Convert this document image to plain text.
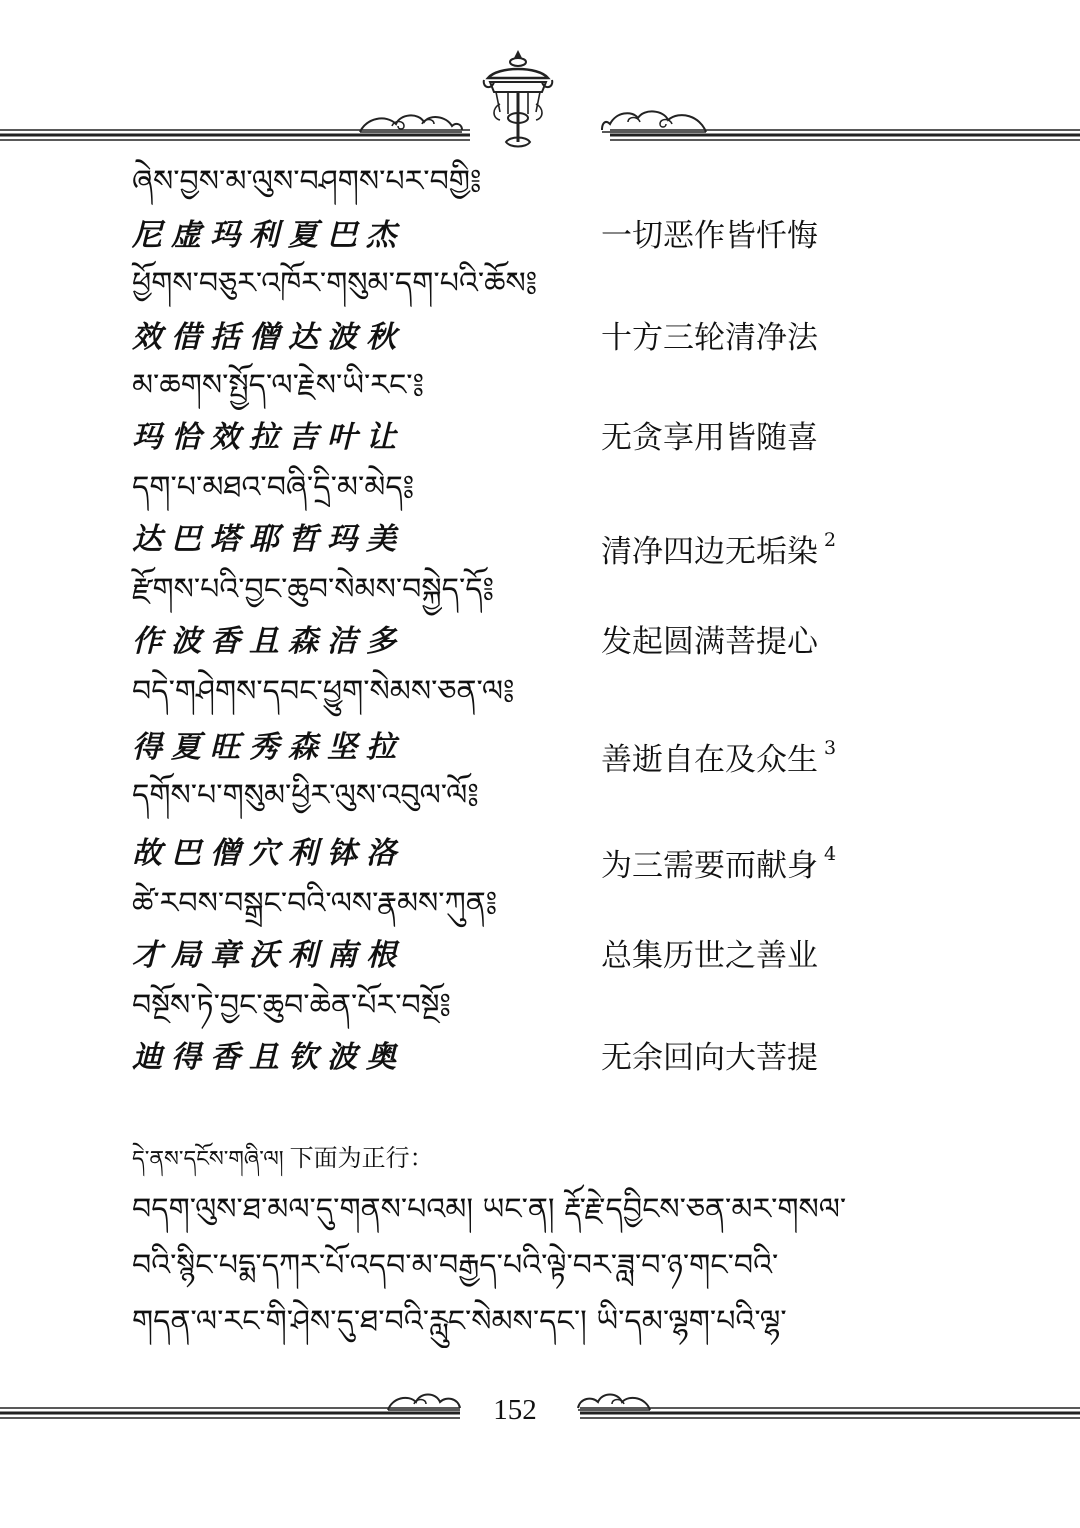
ཞེས་བྱས་མ་ལུས་བཤགས་པར་བགྱི༔
尼虚玛利夏巴杰	一切恶作皆忏悔
ཕྱོགས་བཅུར་འཁོར་གསུམ་དག་པའི་ཆོས༔
效借括僧达波秋	十方三轮清净法
མ་ཆགས་སྤྱོད་ལ་རྗེས་ཡི་རང་༔
玛恰效拉吉叶让	无贪享用皆随喜
དག་པ་མཐའ་བཞི་དྲི་མ་མེད༔
达巴塔耶哲玛美	清净四边无垢染 $^2$
རྫོགས་པའི་བྱང་ཆུབ་སེམས་བསྐྱེད་དོ༔
作波香且森洁多	发起圆满菩提心
བདེ་གཤེགས་དབང་ཕྱུག་སེམས་ཅན་ལ༔
得夏旺秀森坚拉	善逝自在及众生 $^3$
དགོས་པ་གསུམ་ཕྱིར་ལུས་འབུལ་ལོ༔
故巴僧穴利钵洛	为三需要而献身 $^4$
ཚེ་རབས་བསྒྲང་བའི་ལས་རྣམས་ཀུན༔
才局章沃利南根	总集历世之善业
བསྔོས་ཏེ་བྱང་ཆུབ་ཆེན་པོར་བསྔོ༔
迪得香且钦波奥	无余回向大菩提
དེ་ནས་དངོས་གཞི་ལ། 下面为正行：
བདག་ལུས་ཐ་མལ་དུ་གནས་པའམ། ཡང་ན། རྡོ་རྗེ་དབྱིངས་ཅན་མར་གསལ་
བའི་སྙིང་པདྨ་དཀར་པོ་འདབ་མ་བརྒྱད་པའི་ལྟེ་བར་ཟླ་བ་ཉ་གང་བའི་
གདན་ལ་རང་གི་ཤེས་དུ་ཐ་བའི་རླུང་སེམས་དང་། ཡི་དམ་ལྷག་པའི་ལྷ་
152
